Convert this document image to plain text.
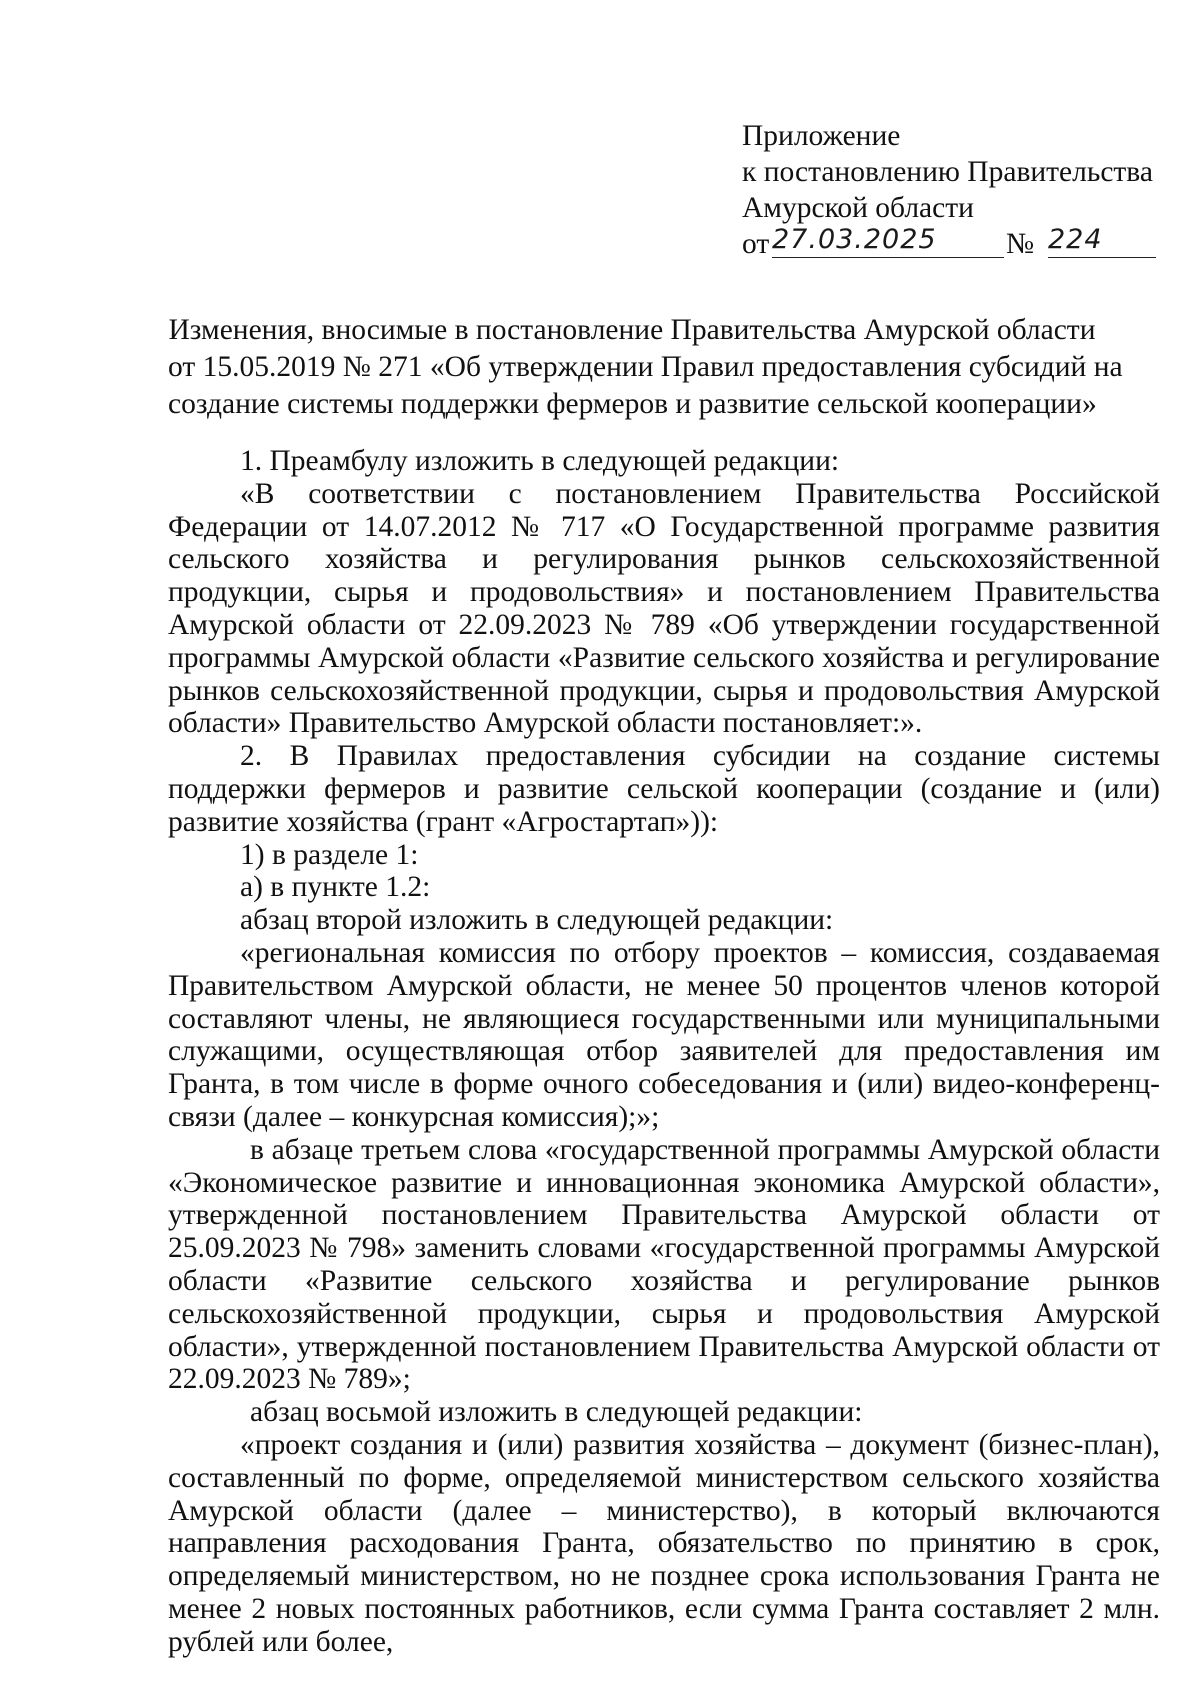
Приложение
к постановлению Правительства
Амурской области
от 27.03.2025	№ 224
Изменения, вносимые в постановление Правительства Амурской области
от 15.05.2019 № 271 «Об утверждении Правил предоставления субсидий на
создание системы поддержки фермеров и развитие сельской кооперации»

1. Преамбулу изложить в следующей редакции:

«В соответствии с постановлением Правительства Российской Федерации от 14.07.2012 № 717 «О Государственной программе развития сельского хозяйства и регулирования рынков сельскохозяйственной продукции, сырья и продовольствия» и постановлением Правительства Амурской области от 22.09.2023 № 789 «Об утверждении государственной программы Амурской области «Развитие сельского хозяйства и регулирование рынков сельскохозяйственной продукции, сырья и продовольствия Амурской области» Правительство Амурской области постановляет:».

2. В Правилах предоставления субсидии на создание системы поддержки фермеров и развитие сельской кооперации (создание и (или) развитие хозяйства (грант «Агростартап»)):

1) в разделе 1:

а) в пункте 1.2:

абзац второй изложить в следующей редакции:

«региональная комиссия по отбору проектов – комиссия, создаваемая Правительством Амурской области, не менее 50 процентов членов которой составляют члены, не являющиеся государственными или муниципальными служащими, осуществляющая отбор заявителей для предоставления им Гранта, в том числе в форме очного собеседования и (или) видео-конференц-связи (далее – конкурсная комиссия);»;

в абзаце третьем слова «государственной программы Амурской области «Экономическое развитие и инновационная экономика Амурской области», утвержденной постановлением Правительства Амурской области от 25.09.2023 № 798» заменить словами «государственной программы Амурской области «Развитие сельского хозяйства и регулирование рынков сельскохозяйственной продукции, сырья и продовольствия Амурской области», утвержденной постановлением Правительства Амурской области от 22.09.2023 № 789»;

абзац восьмой изложить в следующей редакции:

«проект создания и (или) развития хозяйства – документ (бизнес-план), составленный по форме, определяемой министерством сельского хозяйства Амурской области (далее – министерство), в который включаются направления расходования Гранта, обязательство по принятию в срок, определяемый министерством, но не позднее срока использования Гранта не менее 2 новых постоянных работников, если сумма Гранта составляет 2 млн. рублей или более,
